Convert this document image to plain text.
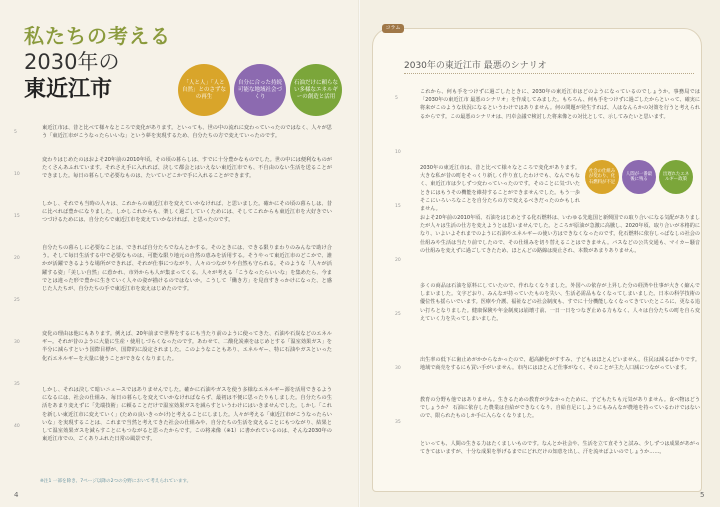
私たちの考える
2030年の
東近江市	「人と人」「人と自然」とのさずなの再生
自分に合った持続可能な地域社会づくり
石油だけに頼らない多様なエネルギーの創造と活用
5
10
15
20
25
30
35
40
東近江市は、昔と比べて様々なところで変化があります。といっても、世の中の流れに変わっていったのではなく、人々が思う「東近江市がこうなったらいいな」という夢を実現するため、自分たちの方で変えていったのです。
変わりはじめたのはおよそ20年前の2010年頃。その頃の暮らしは、すでに十分豊かなものでした。世の中には便利なものがたくさんあふれています。それさえ手に入れれば、決して都会とはいえない東近江市でも、不自由のない生活を送ることができました。毎日の暮らしで必要なものは、たいていどこかで手に入れることができます。
しかし、それでも当時の人々は、これからの東近江市を変えていかなければ、と思いました。確かにその頃の暮らしは、昔に比べれば豊かになりました。しかしこれからも、楽しく過ごしていくためには、そしてこれからも東近江市を大好きでいつづけるためには、自分たちで東近江市を変えていかなければ、と思ったのです。
自分たちの暮らしに必要なことは、できれば自分たちでなんとかする。そのときには、できる限りまわりのみんなで助け合う。そして毎日生活する中で必要なものは、可能な限り地元の自然の恵みを活用する。そうやって東近江市のどこかで、誰かが活躍できるような場所ができれば、それが仕事につながり、人々のつながりや自然も守られる。そのような「人々が活躍する姿」「美しい自然」に惹かれ、市外からも人が集まってくる。人々が考える「こうなったらいいな」を集めたら、今までとは違った形で豊かに生きていく人々の姿が描けるのではないか。こうして「働き方」を見直すきっかけになった、と感じた人たちが、自分たちの手で東近江市を変えはじめたのです。
変化の理由は他にもあります。例えば、20年前まで世界をするにも当たり前のように使ってきた、石油や石炭などのエネルギー。それが昔のように大量に生産・使用しづらくなったのです。あわせて、二酸化炭素をはじめとする「温室効果ガス」を半分に減らすという国際目標が、国際的に設定されました。このようなこともあり、エネルギー、特に石油やガスといった化石エネルギーを大量に使うことができなくなりました。
しかし、それは決して暗いニュースではありませんでした。確かに石油やガスを使う多様なエネルギー源を活用できるようになるには、社会の仕組み、毎日の暮らしを変えていかなければならず、最初は不便に思ったりもしました。自分たちの生活をあまり変えずに「先端技術」に頼ることだけで温室効果ガスを減らすというわけにはいきませんでした。しかし「これを新しい東近江市に変えていく」(ための良いきっかけ)と考えることにしました。人々が考える「東近江市がこうなったらいいな」を実現することは、これまで当然と考えてきた社会の仕組みや、自分たちの生活を変えることにもつながり、結果として温室効果ガスを減らすことにもつながると思ったからです。この将来像（※1）に書かれているのは、そんな2030年の東近江市での、ごくありふれた日常の風景です。
※注1 一部を除き、7ページ以降の2つの分野において考えられています。
4
コラム
2030年の東近江市 最悪のシナリオ
5
10
15
20
25
30
35
これから、何も手をつけずに過ごしたときに、2030年の東近江市はどのようになっているのでしょうか。事務局では「2030年の東近江市 最悪のシナリオ」を作成してみました。もちろん、何も手をつけずに過ごしたからといって、確実に将来がこのような状況になるというわけではありません。何の問題が発生すれば、人はなんらかの対策を行うと考えられるからです。この最悪のシナリオは、円卓会議で検討した将来像との対比として、示してみたいと思います。
2030年の東近江市は、昔と比べて様々なところで変化があります。大きな私が昔の町をそっくり新しく作り直したわけでも、なんでもなく、東近江市は少しずつ変わっていったのです。そのことに気づいたときにはもうその機能を維持することができませんでした。もう一歩そこにいろいろなことを自分たちの方で変えるべきだったのかもしれません。
社会の仕組みが変わり、化石燃料が不足
人間が一番最後に残る
出遅れたエネルギー政策
およそ20年前の2010年頃、石油をはじめとする化石燃料は、いわゆる先進国と新興国での取り合いになる気配がありましたが人々は生活の仕方を変えようとは思いませんでした。ところが原油が急激に高騰し、2020年頃、取り合いが本格的になり、いよいよそれまでのように石油やエネルギーの使い方はできなくなったのです。化石燃料に依存しっぱなしの社会の仕組みや生活は当たり前でしたので、その仕組みを切り替えることはできません。バスなどの公共交通も、マイカー騒音の仕組みを変えずに過ごしてきたため、ほとんどの路線は廃止され、本数があまりありません。
多くの商品は石油を原料にしていたので、作れなくなりました。外国への依存が上昇した分の経済や仕事が大きく縮んでしまいました。文字どおり、みんなが持っていたものを失い、生活必需品もなくなってしまいました。日本の科学技術の優位性も揺らいでいます。医療や介護、福祉などの社会制度も、すでに十分機能しなくなってきていたところに、更なる追い打ちとなりました。健康保険や年金制度は崩壊寸前、一日一日をつなぎ止める力もなく、人々は自分たちの町を自ら変えていく力を失ってしまいました。
出生率の低下に歯止めがかからなかったので、超高齢化がすすみ、子どもはほとんどいません。住民は減るばかりです。地域で商売をするにも買い手がいません。市内にはほとんど仕事がなく、そのことが主た人口減につながっています。
教育の分野も他ではありません。生きるための教育が少なかったために、子どもたちも元気がありません。食べ物はどうでしょうか？ 石油に依存した農業は自給ができなくなり、自給自足にしようにもみんなが農地を持っているわけではないので、限られたものしか手に入らなくなりました。
といっても、人間の生きる力はたくましいものです。なんとか社会や、生活を立て直そうと試み、少しずつは成果があがってきてはいますが、十分な成果を挙げるまでにどれだけの知恵を出し、汗を流せばよいのでしょうか……。
5
